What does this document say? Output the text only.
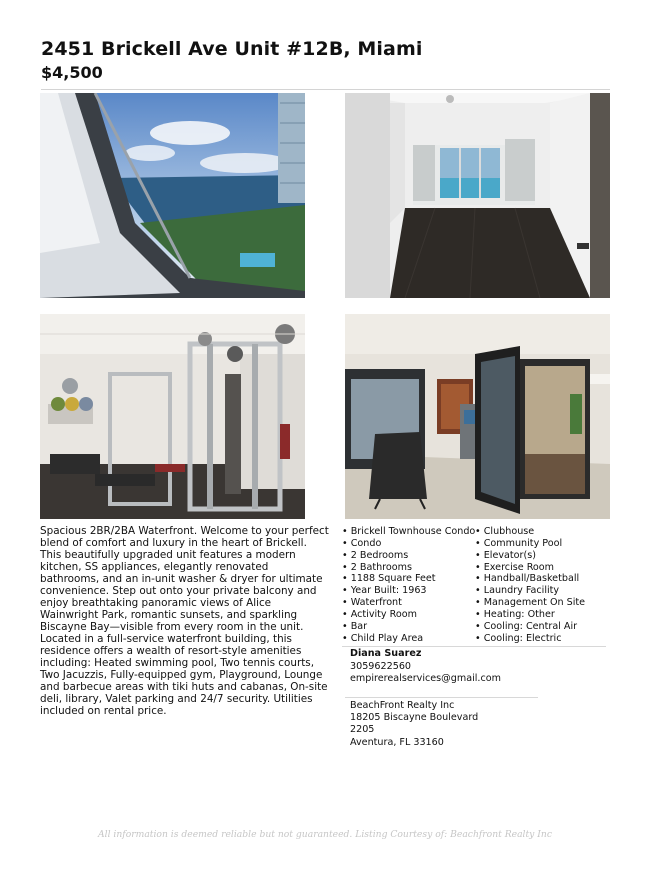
2451 Brickell Ave Unit #12B, Miami
$4,500

Spacious 2BR/2BA Waterfront. Welcome to your perfect blend of comfort and luxury in the heart of Brickell. This beautifully upgraded unit features a modern kitchen, SS appliances, elegantly renovated bathrooms, and an in-unit washer & dryer for ultimate convenience. Step out onto your private balcony and enjoy breathtaking panoramic views of Alice Wainwright Park, romantic sunsets, and sparkling Biscayne Bay—visible from every room in the unit. Located in a full-service waterfront building, this residence offers a wealth of resort-style amenities including: Heated swimming pool, Two tennis courts, Two Jacuzzis, Fully-equipped gym, Playground, Lounge and barbecue areas with tiki huts and cabanas, On-site deli, library, Valet parking and 24/7 security. Utilities included on rental price.

• Brickell Townhouse Condo
• Condo
• 2 Bedrooms
• 2 Bathrooms
• 1188 Square Feet
• Year Built: 1963
• Waterfront
• Activity Room
• Bar
• Child Play Area
• Clubhouse
• Community Pool
• Elevator(s)
• Exercise Room
• Handball/Basketball
• Laundry Facility
• Management On Site
• Heating: Other
• Cooling: Central Air
• Cooling: Electric
Diana Suarez
3059622560
empirerealservices@gmail.com
BeachFront Realty Inc
18205 Biscayne Boulevard
2205
Aventura, FL 33160
All information is deemed reliable but not guaranteed. Listing Courtesy of: Beachfront Realty Inc
